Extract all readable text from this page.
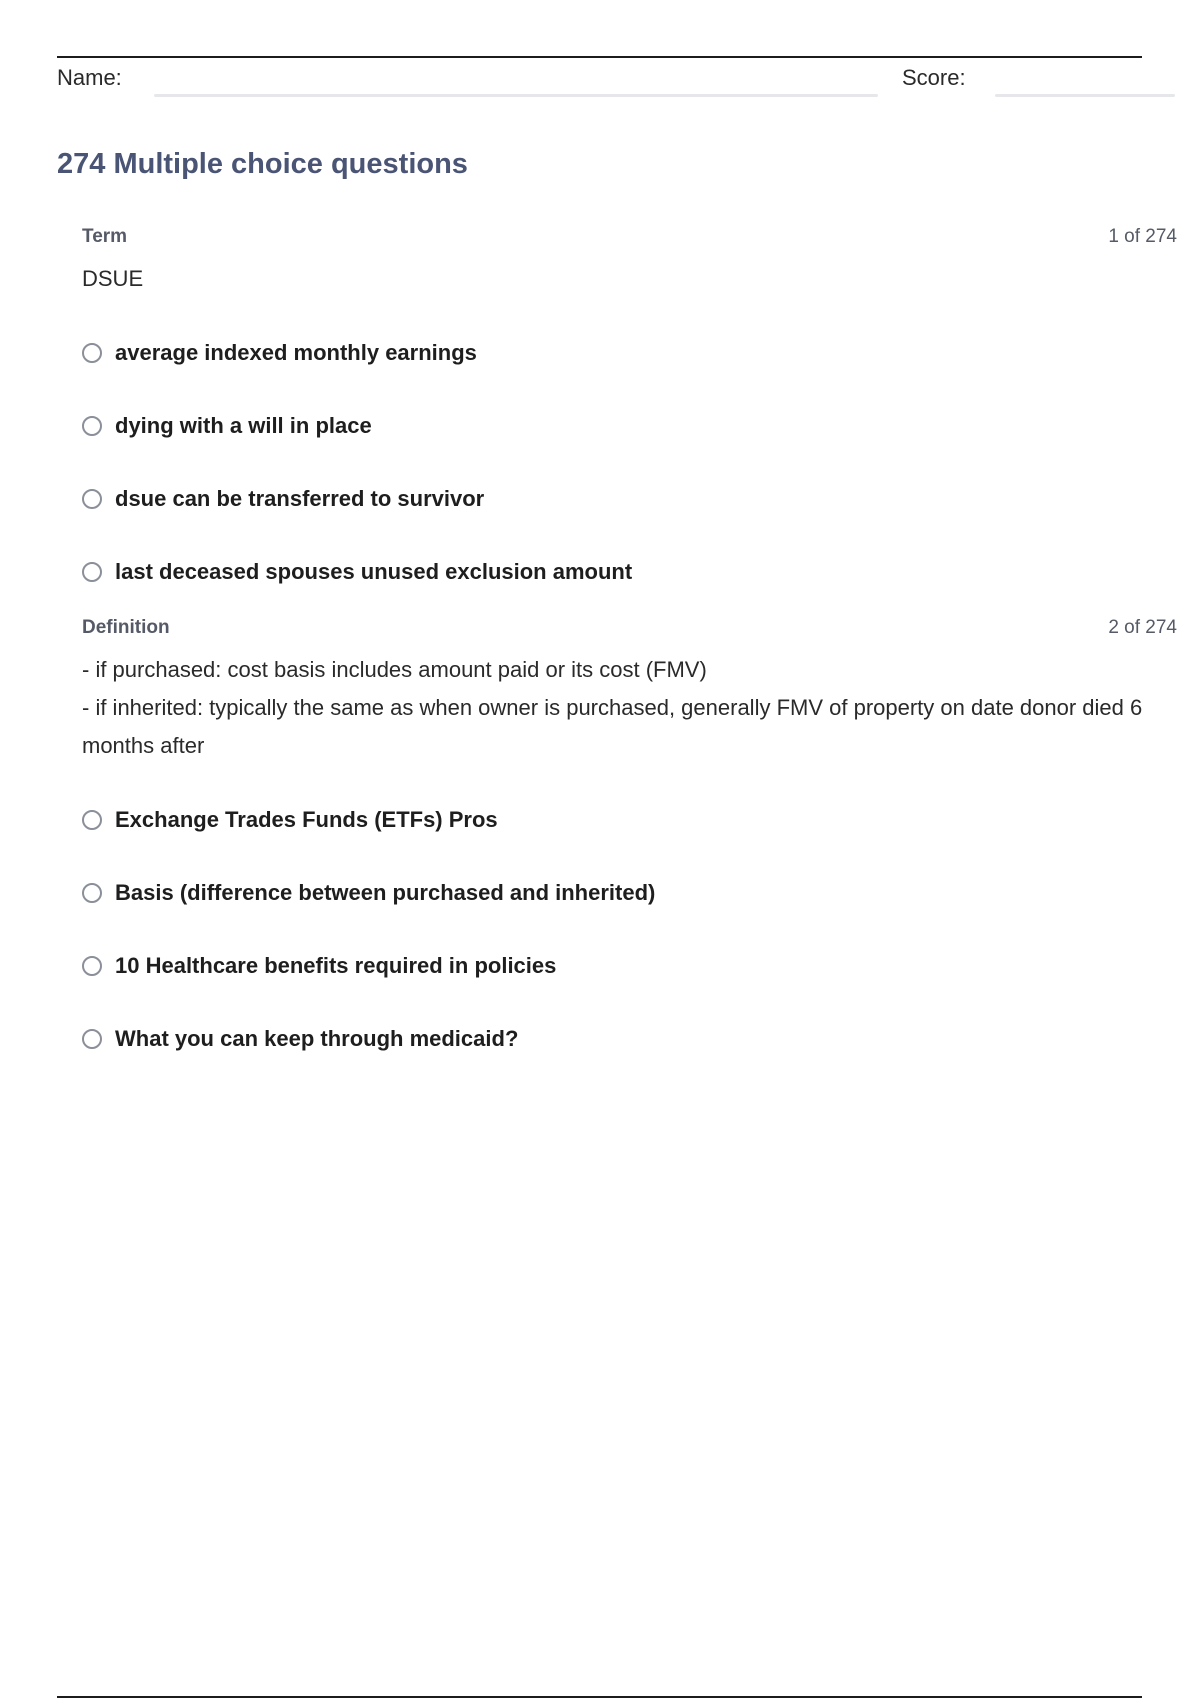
Name:	Score:
274 Multiple choice questions
Term	1 of 274
DSUE
average indexed monthly earnings
dying with a will in place
dsue can be transferred to survivor
last deceased spouses unused exclusion amount
Definition	2 of 274
- if purchased: cost basis includes amount paid or its cost (FMV)
- if inherited: typically the same as when owner is purchased, generally FMV of property on date donor died 6 months after
Exchange Trades Funds (ETFs) Pros
Basis (difference between purchased and inherited)
10 Healthcare benefits required in policies
What you can keep through medicaid?
